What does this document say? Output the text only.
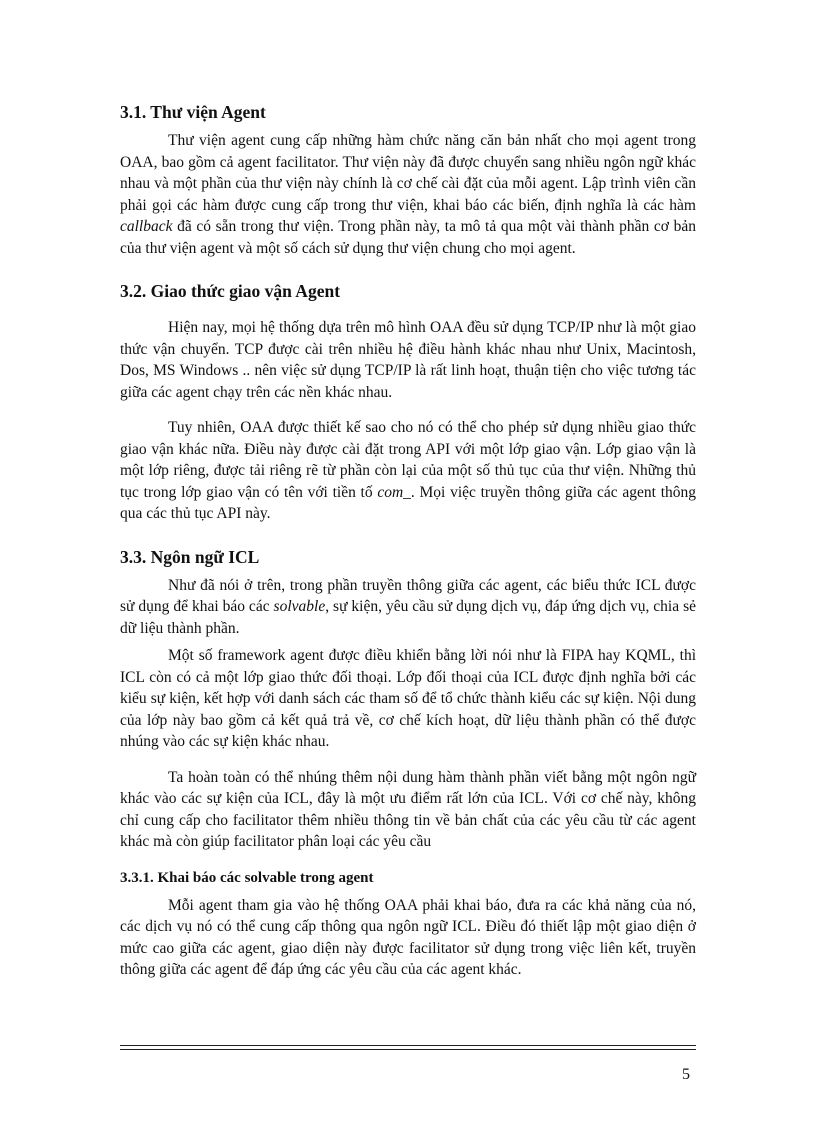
3.1. Thư viện Agent

Thư viện agent cung cấp những hàm chức năng căn bản nhất cho mọi agent trong OAA, bao gồm cả agent facilitator. Thư viện này đã được chuyển sang nhiều ngôn ngữ khác nhau và một phần của thư viện này chính là cơ chế cài đặt của mỗi agent. Lập trình viên cần phải gọi các hàm được cung cấp trong thư viện, khai báo các biến, định nghĩa là các hàm callback đã có sẵn trong thư viện. Trong phần này, ta mô tả qua một vài thành phần cơ bản của thư viện agent và một số cách sử dụng thư viện chung cho mọi agent.

3.2. Giao thức giao vận Agent

Hiện nay, mọi hệ thống dựa trên mô hình OAA đều sử dụng TCP/IP như là một giao thức vận chuyển. TCP được cài trên nhiều hệ điều hành khác nhau như Unix, Macintosh, Dos, MS Windows .. nên việc sử dụng TCP/IP là rất linh hoạt, thuận tiện cho việc tương tác giữa các agent chạy trên các nền khác nhau.

Tuy nhiên, OAA được thiết kế sao cho nó có thể cho phép sử dụng nhiều giao thức giao vận khác nữa. Điều này được cài đặt trong API với một lớp giao vận. Lớp giao vận là một lớp riêng, được tải riêng rẽ từ phần còn lại của một số thủ tục của thư viện. Những thủ tục trong lớp giao vận có tên với tiền tố com_. Mọi việc truyền thông giữa các agent thông qua các thủ tục API này.

3.3. Ngôn ngữ ICL

Như đã nói ở trên, trong phần truyền thông giữa các agent, các biểu thức ICL được sử dụng để khai báo các solvable, sự kiện, yêu cầu sử dụng dịch vụ, đáp ứng dịch vụ, chia sẻ dữ liệu thành phần.

Một số framework agent được điều khiển bằng lời nói như là FIPA hay KQML, thì ICL còn có cả một lớp giao thức đối thoại. Lớp đối thoại của ICL được định nghĩa bởi các kiểu sự kiện, kết hợp với danh sách các tham số để tổ chức thành kiểu các sự kiện. Nội dung của lớp này bao gồm cả kết quả trả về, cơ chế kích hoạt, dữ liệu thành phần có thể được nhúng vào các sự kiện khác nhau.

Ta hoàn toàn có thể nhúng thêm nội dung hàm thành phần viết bằng một ngôn ngữ khác vào các sự kiện của ICL, đây là một ưu điểm rất lớn của ICL. Với cơ chế này, không chỉ cung cấp cho facilitator thêm nhiều thông tin về bản chất của các yêu cầu từ các agent khác mà còn giúp facilitator phân loại các yêu cầu

3.3.1. Khai báo các solvable trong agent

Mỗi agent tham gia vào hệ thống OAA phải khai báo, đưa ra các khả năng của nó, các dịch vụ nó có thể cung cấp thông qua ngôn ngữ ICL. Điều đó thiết lập một giao diện ở mức cao giữa các agent, giao diện này được facilitator sử dụng trong việc liên kết, truyền thông giữa các agent để đáp ứng các yêu cầu của các agent khác.

5
